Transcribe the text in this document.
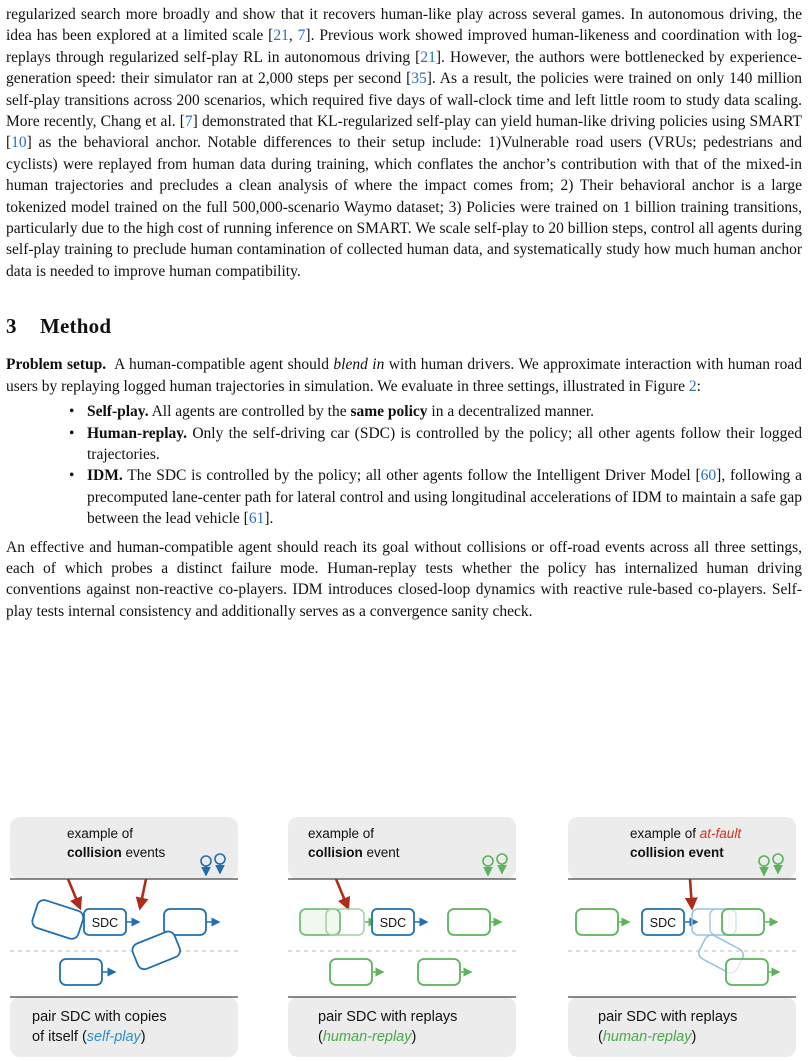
regularized search more broadly and show that it recovers human-like play across several games. In autonomous driving, the idea has been explored at a limited scale [21, 7]. Previous work showed improved human-likeness and coordination with log-replays through regularized self-play RL in autonomous driving [21]. However, the authors were bottlenecked by experience-generation speed: their simulator ran at 2,000 steps per second [35]. As a result, the policies were trained on only 140 million self-play transitions across 200 scenarios, which required five days of wall-clock time and left little room to study data scaling. More recently, Chang et al. [7] demonstrated that KL-regularized self-play can yield human-like driving policies using SMART [10] as the behavioral anchor. Notable differences to their setup include: 1)Vulnerable road users (VRUs; pedestrians and cyclists) were replayed from human data during training, which conflates the anchor’s contribution with that of the mixed-in human trajectories and precludes a clean analysis of where the impact comes from; 2) Their behavioral anchor is a large tokenized model trained on the full 500,000-scenario Waymo dataset; 3) Policies were trained on 1 billion training transitions, particularly due to the high cost of running inference on SMART. We scale self-play to 20 billion steps, control all agents during self-play training to preclude human contamination of collected human data, and systematically study how much human anchor data is needed to improve human compatibility.

3 Method

Problem setup. A human-compatible agent should blend in with human drivers. We approximate interaction with human road users by replaying logged human trajectories in simulation. We evaluate in three settings, illustrated in Figure 2:

• Self-play. All agents are controlled by the same policy in a decentralized manner.
• Human-replay. Only the self-driving car (SDC) is controlled by the policy; all other agents follow their logged trajectories.
• IDM. The SDC is controlled by the policy; all other agents follow the Intelligent Driver Model [60], following a precomputed lane-center path for lateral control and using longitudinal accelerations of IDM to maintain a safe gap between the lead vehicle [61].

An effective and human-compatible agent should reach its goal without collisions or off-road events across all three settings, each of which probes a distinct failure mode. Human-replay tests whether the policy has internalized human driving conventions against non-reactive co-players. IDM introduces closed-loop dynamics with reactive rule-based co-players. Self-play tests internal consistency and additionally serves as a convergence sanity check.

example of
collision events
SDC
pair SDC with copies
of itself (self-play)
example of
collision event
SDC
pair SDC with replays
(human-replay)
example of at-fault
collision event
SDC
pair SDC with replays
(human-replay)
